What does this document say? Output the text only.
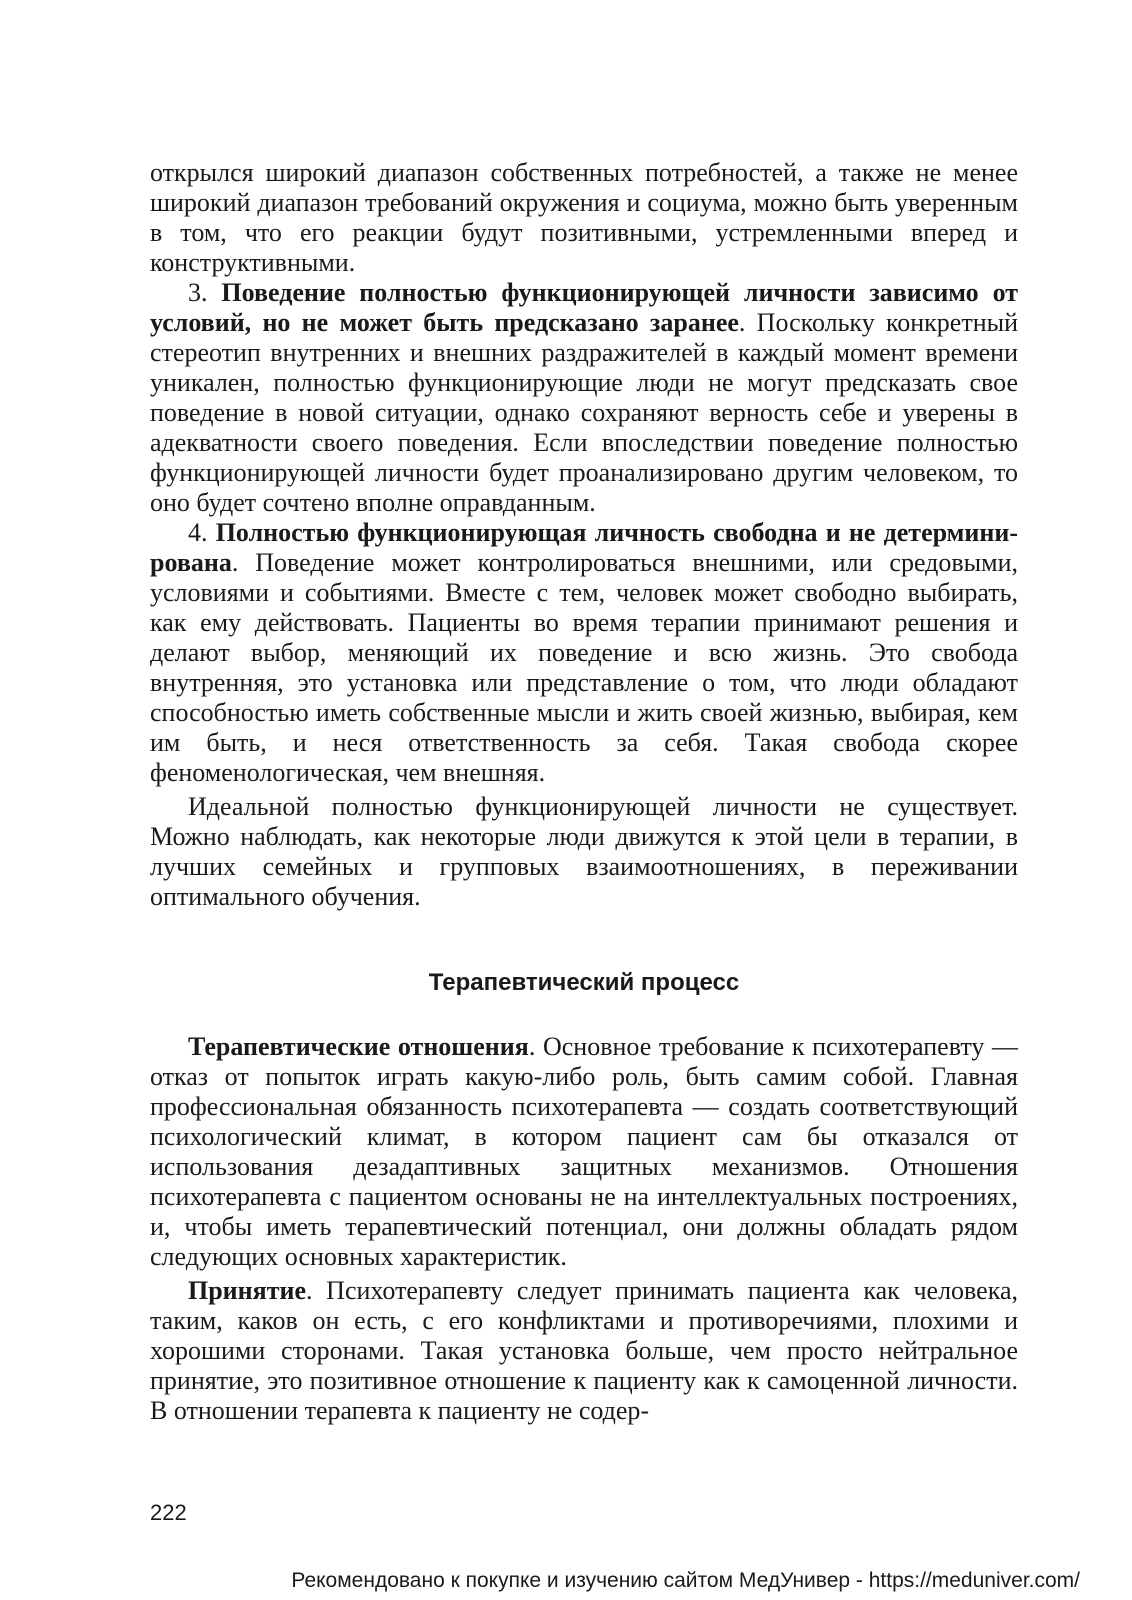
открылся широкий диапазон собственных потребностей, а также не менее широкий диапазон требований окружения и социума, можно быть уверенным в том, что его реакции будут позитивными, устремленными вперед и конструктивными.

3. Поведение полностью функционирующей личности зависимо от условий, но не может быть предсказано заранее. Поскольку конкретный стереотип внутренних и внешних раздражителей в каждый момент времени уникален, полностью функционирующие люди не могут предсказать свое поведение в новой ситуации, однако сохраняют верность себе и уверены в адекватности своего поведения. Если впоследствии поведение полностью функционирующей личности будет проанализировано другим человеком, то оно будет сочтено вполне оправданным.

4. Полностью функционирующая личность свободна и не детерминирована. Поведение может контролироваться внешними, или средовыми, условиями и событиями. Вместе с тем, человек может свободно выбирать, как ему действовать. Пациенты во время терапии принимают решения и делают выбор, меняющий их поведение и всю жизнь. Это свобода внутренняя, это установка или представление о том, что люди обладают способностью иметь собственные мысли и жить своей жизнью, выбирая, кем им быть, и неся ответственность за себя. Такая свобода скорее феноменологическая, чем внешняя.

Идеальной полностью функционирующей личности не существует. Можно наблюдать, как некоторые люди движутся к этой цели в терапии, в лучших семейных и групповых взаимоотношениях, в переживании оптимального обучения.

Терапевтический процесс

Терапевтические отношения. Основное требование к психотерапевту — отказ от попыток играть какую-либо роль, быть самим собой. Главная профессиональная обязанность психотерапевта — создать соответствующий психологический климат, в котором пациент сам бы отказался от использования дезадаптивных защитных механизмов. Отношения психотерапевта с пациентом основаны не на интеллектуальных построениях, и, чтобы иметь терапевтический потенциал, они должны обладать рядом следующих основных характеристик.

Принятие. Психотерапевту следует принимать пациента как человека, таким, каков он есть, с его конфликтами и противоречиями, плохими и хорошими сторонами. Такая установка больше, чем просто нейтральное принятие, это позитивное отношение к пациенту как к самоценной личности. В отношении терапевта к пациенту не содер-

222
Рекомендовано к покупке и изучению сайтом МедУнивер - https://meduniver.com/
